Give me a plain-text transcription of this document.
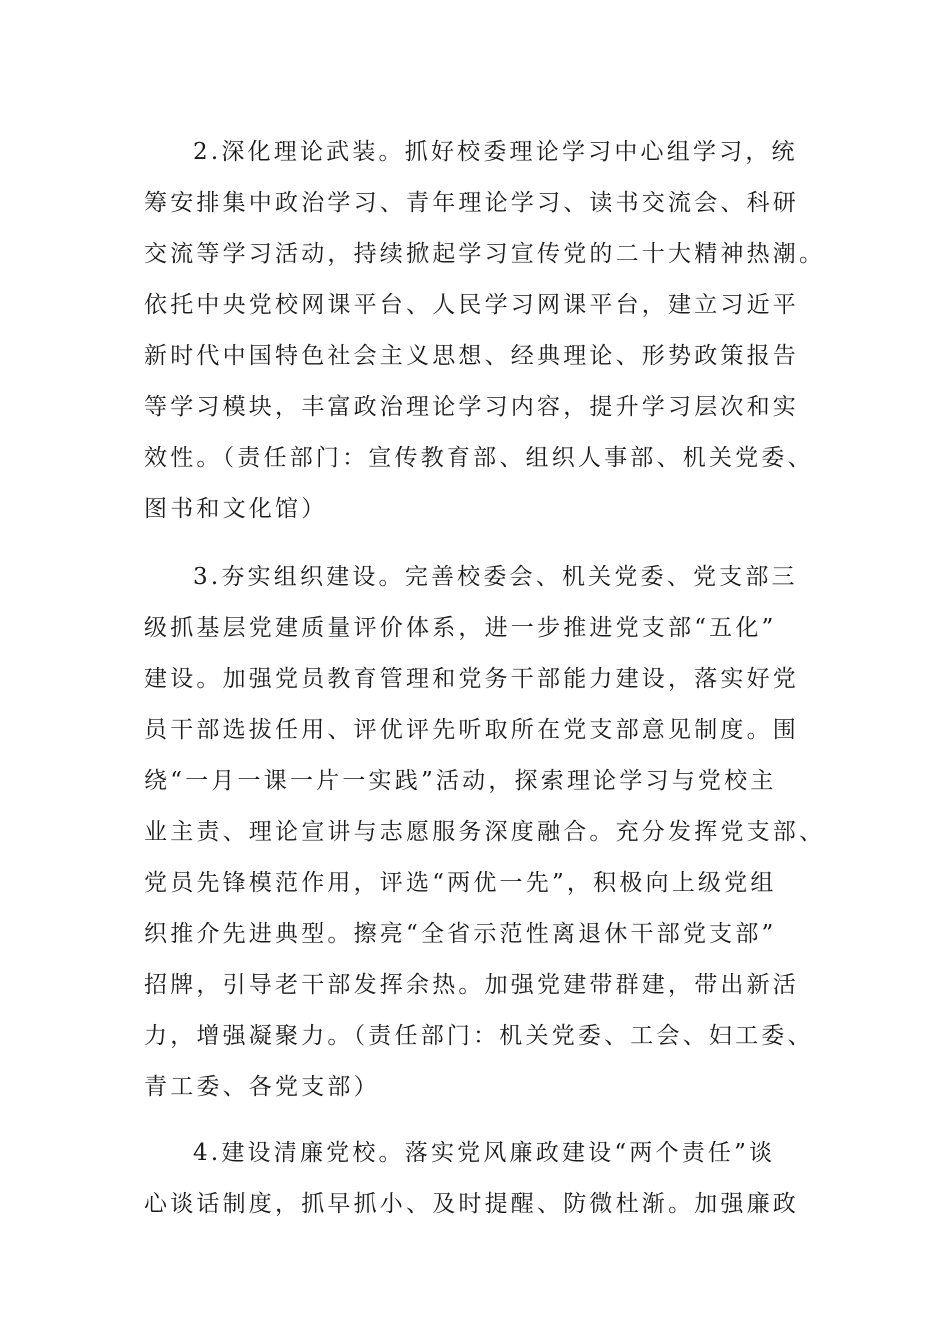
2.深化理论武装。抓好校委理论学习中心组学习，统
筹安排集中政治学习、青年理论学习、读书交流会、科研
交流等学习活动，持续掀起学习宣传党的二十大精神热潮。
依托中央党校网课平台、人民学习网课平台，建立习近平
新时代中国特色社会主义思想、经典理论、形势政策报告
等学习模块，丰富政治理论学习内容，提升学习层次和实
效性。（责任部门：宣传教育部、组织人事部、机关党委、
图书和文化馆）
3.夯实组织建设。完善校委会、机关党委、党支部三
级抓基层党建质量评价体系，进一步推进党支部“五化”
建设。加强党员教育管理和党务干部能力建设，落实好党
员干部选拔任用、评优评先听取所在党支部意见制度。围
绕“一月一课一片一实践”活动，探索理论学习与党校主
业主责、理论宣讲与志愿服务深度融合。充分发挥党支部、
党员先锋模范作用，评选“两优一先”，积极向上级党组
织推介先进典型。擦亮“全省示范性离退休干部党支部”
招牌，引导老干部发挥余热。加强党建带群建，带出新活
力，增强凝聚力。（责任部门：机关党委、工会、妇工委、
青工委、各党支部）
4.建设清廉党校。落实党风廉政建设“两个责任”谈
心谈话制度，抓早抓小、及时提醒、防微杜渐。加强廉政
